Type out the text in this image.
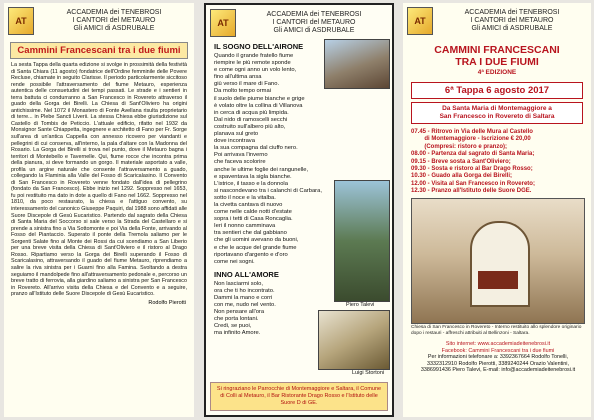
AT
ACCADEMIA dei TENEBROSI
I CANTORI del METAURO
Gli AMICI di ASDRUBALE
Cammini Francescani tra i due fiumi
La sesta Tappa della quarta edizione si svolge in prossimità della festività di Santa Chiara (11 agosto) fondatrice dell'Ordine femminile delle Povere Recluse, chiamate in seguito Clarisse. Il periodo particolarmente siccitoso rende possibile l'attraversamento del fiume Metauro, esperienza autentica delle consuetudini dei tempi passati. Le strade e i sentieri in terra battuta ci condurranno a San Francesco in Rovereto attraverso il guado della Gorga dei Birelli. La Chiesa di Sant'Oliviero ha origini antichissime. Nel 1072 il Monastero di Fonte Avellana risulta proprietario di terre... in Plebe Sancti Liverii. La stessa Chiesa ebbe giurisdizione sul Castello di Tombis de Peticcio. L'attuale edificio, rifatto nel 1932 da Monsignor Sante Chiappetta, ingegnere e architetto di Fano per Fr. Sorge sull'area di un'antica Cappella con annesso ricovero per viandanti e pellegrini di cui conserva, all'interno, la pala d'altare con la Madonna del Rosario. La Gorga dei Birelli si trova nel punto, dove il Metauro bagna i territori di Montebello e Tavernelle. Qui, fiume rocce che incontra prima della pianura, si deve formando un gorgo. Il materiale asportato a valle, profila un argine naturale che consente l'attraversamento a guado, collegando la Flaminia alla Valle del Fosso di Scaricalasino. Il Convento di San Francesco in Rovereto venne fondato dall'idea di pellegrino (fondato da San Francesco). Ebbe inizio nel 1292. Soppresso nel 1653, fu poi restituito ma dato in dote a quello di Fano nel 1662. Soppresso nel 1810, da poco restaurato, la chiesa e l'attiguo convento, su interessamento del canonico Giuseppe Paquiri, dal 1988 sono affidati alle Suore Discepole di Gesù Eucaristico. Partendo dal sagrato della Chiesa di Santa Maria del Soccorso si sale verso la Strada del Castellaro e si prende a sinistra fino a Via Sottomonte e poi Via della Fonte, arrivando al Fosso del Piantaccio. Superato il ponte della Tremola saliamo per le Sorgenti Salate fino al Monte dei Rossi da cui scendiamo a San Liberio per una breve visita della Chiesa di Sant'Oliviero e il ristoro al Drago Rosso. Ripartiamo verso la Gorga dei Birelli superando il Fosso di Scaricalasino, attraversando il guado del fiume Metauro, riprendiamo a salire la riva sinistra per i Guarni fino alla Famina. Svoltando a destra seguiamo il mandolpede fino all'attraversamento pedonale e, percorso un breve tratto di ferrovia, alla giardino saliamo a sinistra per San Francesco in Rovereto. All'arrivo visita della Chiesa e del Convento e a seguire, pranzo all'Istituto delle Suore Discepole di Gesù Eucaristico.
Rodolfo Pierotti
AT
ACCADEMIA dei TENEBROSI
I CANTORI del METAURO
Gli AMICI di ASDRUBALE
IL SOGNO DELL'AIRONE
Quando il grande fratello fiume
riempire le più remote sponde
e come ogni anno un volo lento,
fino all'ultima ansa
giù verso il mare di Fano.
Da molto tempo ormai
il suolo delle piume bianche e grige
è volato oltre la collina di Villanova
in cerca di acqua più limpida.
Dal nido di ramoscelli secchi
costruito sull'albero più alto,
planava sul greto
dove incontrava
la sua compagna dal ciuffo nero.
Poi arrivava l'inverno
che faceva scolorire
anche le ultime foglie dei rangunelle,
e spaventava la sigla bianche.
L'istrice, il tasso e la donnola
si nascondevano tra i calanchi di Carbara,
sotto il noce e la vitalba.
la civetta cantava di nuovo
come nelle calde notti d'estate
sopra i tetti di Casa Roncaglia.
Ieri il nonno camminava
tra sentieri che dal gabbiano
che gli uomini avevano da buoni,
e che le acque del grande fiume
riportavano d'argento e d'oro
come nei sogni.
INNO ALL'AMORE
Non lasciarmi solo,
ora che ti ho incontrato.
Dammi la mano e corri
con me, nudo nel vento.
Non pensare all'ora
che porta lontani.
Credi, se puoi,
ma infinito Amore.
Piero Talevi
Luigi Stortoni
Si ringraziano le Parrocchie di Montemaggiore e Saltara, il Comune di Colli al Metauro, il Bar Ristorante Drago Rosso e l'Istituto delle Suore D di GE.
AT
ACCADEMIA dei TENEBROSI
I CANTORI del METAURO
Gli AMICI di ASDRUBALE
CAMMINI FRANCESCANI
TRA I DUE FIUMI
4ª EDIZIONE
6ª Tappa 6 agosto 2017
Da Santa Maria di Montemaggiore a
San Francesco in Rovereto di Saltara
07.45 - Ritrovo in Via delle Mura al Castello
di Montemaggiore - Iscrizione € 20,00
(Compresi: ristoro e pranzo);
08.00 - Partenza dal sagrato di Santa Maria;
09.15 - Breve sosta a Sant'Oliviero;
09.30 - Sosta e ristoro al Bar Drago Rosso;
10.30 - Guado alla Gorga dei Birelli;
12.00 - Visita al San Francesco in Rovereto;
12.30 - Pranzo all'Istituto delle Suore DGE.
Chiesa di San Francesco in Rovereto - Interno restituito allo splendore originario dopo i restauri - affreschi attribuiti al Bellinzoni - Saltara.
Sito internet: www.accademiadeitenebrosi.it
Facebook: Cammini Francescani tra i due fiumi
Per informazioni telefonare a: 3392367664 Rodolfo Tonelli,
3332312910 Rodolfo Pierotti, 3389240244 Orazio Valentini,
3386991436 Piero Talevi, E-mail: info@accademiadeitenebrosi.it
